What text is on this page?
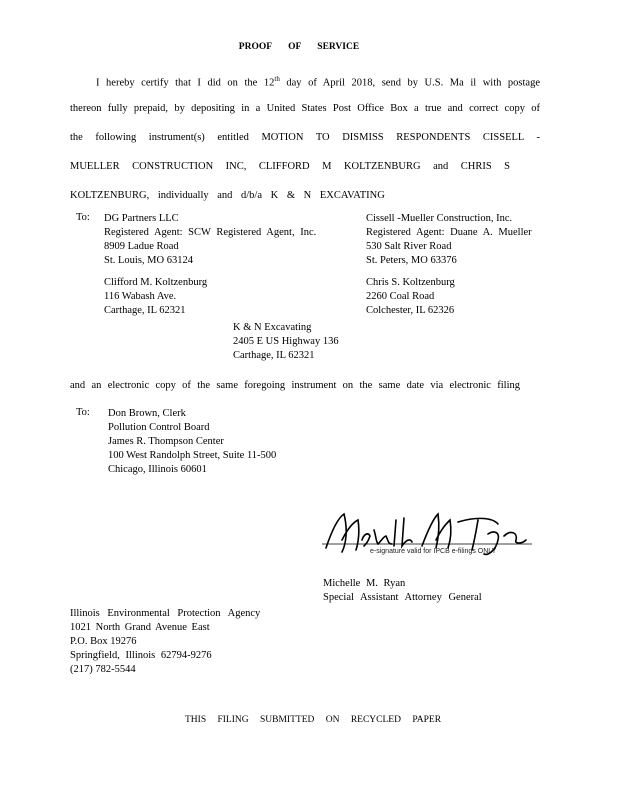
PROOF OF SERVICE
I hereby certify that I did on the 12th day of April 2018, send by U.S. Ma il with postage
thereon fully prepaid, by depositing in a United States Post Office Box a true and correct copy of
the following instrument(s) entitled MOTION TO DISMISS RESPONDENTS CISSELL -
MUELLER CONSTRUCTION INC, CLIFFORD M KOLTZENBURG and CHRIS S
KOLTZENBURG, individually and d/b/a K & N EXCAVATING
To: DG Partners LLC
Registered Agent: SCW Registered Agent, Inc.
8909 Ladue Road
St. Louis, MO 63124
Cissell -Mueller Construction, Inc.
Registered Agent: Duane A. Mueller
530 Salt River Road
St. Peters, MO 63376
Clifford M. Koltzenburg
116 Wabash Ave.
Carthage, IL 62321
Chris S. Koltzenburg
2260 Coal Road
Colchester, IL 62326
K & N Excavating
2405 E US Highway 136
Carthage, IL 62321
and an electronic copy of the same foregoing instrument on the same date via electronic filing
To: Don Brown, Clerk
Pollution Control Board
James R. Thompson Center
100 West Randolph Street, Suite 11-500
Chicago, Illinois 60601
e-signature valid for IPCB e-filings ONLY
Michelle M. Ryan
Special Assistant Attorney General
Illinois Environmental Protection Agency
1021 North Grand Avenue East
P.O. Box 19276
Springfield, Illinois 62794-9276
(217) 782-5544
THIS FILING SUBMITTED ON RECYCLED PAPER
